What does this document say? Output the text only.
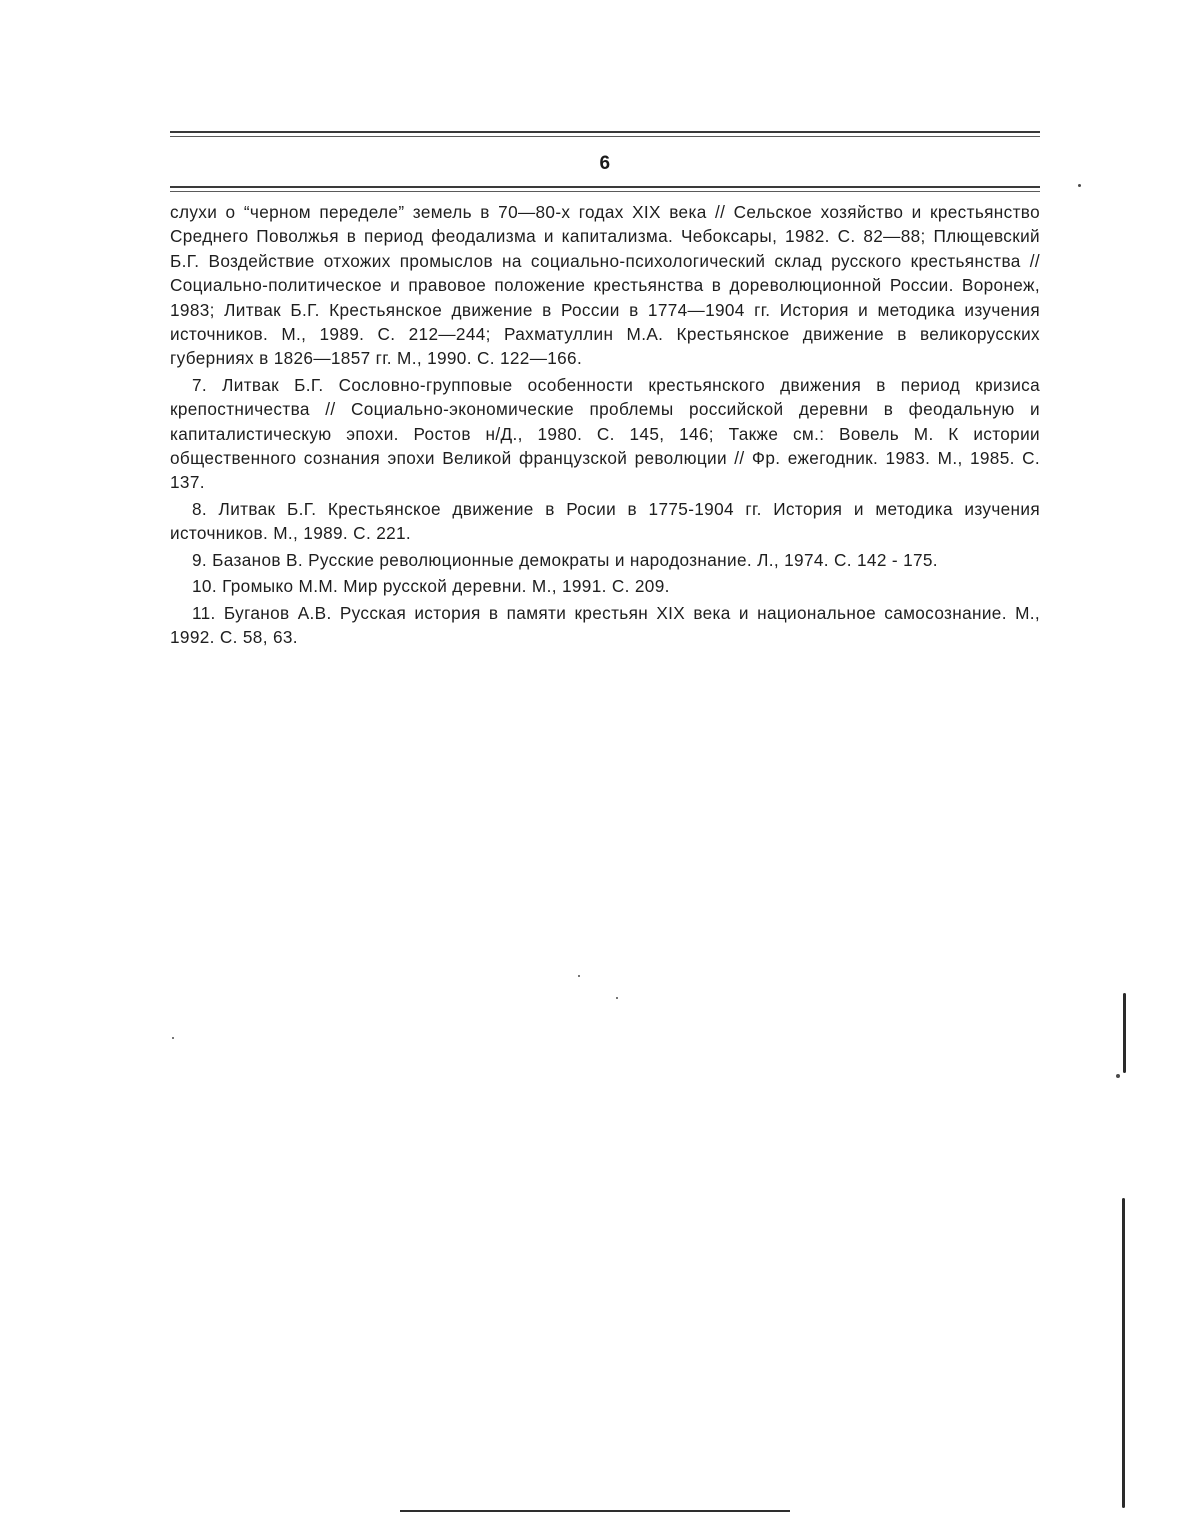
6

слухи о “черном переделе” земель в 70—80-х годах XIX века // Сельское хозяйство и крестьянство Среднего Поволжья в период феодализма и капитализма. Чебоксары, 1982. С. 82—88; Плющевский Б.Г. Воздействие отхожих промыслов на социально-психологический склад русского крестьянства // Социально-политическое и правовое положение крестьянства в дореволюционной России. Воронеж, 1983; Литвак Б.Г. Крестьянское движение в России в 1774—1904 гг. История и методика изучения источников. М., 1989. С. 212—244; Рахматуллин М.А. Крестьянское движение в великорусских губерниях в 1826—1857 гг. М., 1990. С. 122—166.

7. Литвак Б.Г. Сословно-групповые особенности крестьянского движения в период кризиса крепостничества // Социально-экономические проблемы российской деревни в феодальную и капиталистическую эпохи. Ростов н/Д., 1980. С. 145, 146; Также см.: Вовель М. К истории общественного сознания эпохи Великой французской революции // Фр. ежегодник. 1983. М., 1985. С. 137.

8. Литвак Б.Г. Крестьянское движение в Росии в 1775-1904 гг. История и методика изучения источников. М., 1989. С. 221.

9. Базанов В. Русские революционные демократы и народознание. Л., 1974. С. 142 - 175.

10. Громыко М.М. Мир русской деревни. М., 1991. С. 209.

11. Буганов А.В. Русская история в памяти крестьян XIX века и национальное самосознание. М., 1992. С. 58, 63.
